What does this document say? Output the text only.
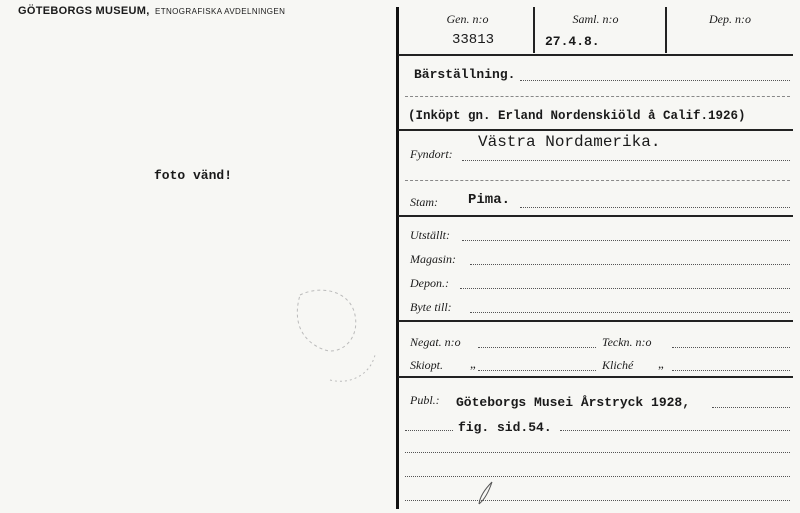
GÖTEBORGS MUSEUM, ETNOGRAFISKA AVDELNINGEN
foto vänd!
Gen. n:o
33813
Saml. n:o
27.4.8.
Dep. n:o
Bärställning.
(Inköpt gn. Erland Nordenskiöld å Calif.1926)
Västra Nordamerika.
Fyndort:
Stam: Pima.
Utställt:
Magasin:
Depon.:
Byte till:
Negat. n:o	Teckn. n:o
Skiopt. „	Kliché „
Publ.: Göteborgs Musei Årstryck 1928,
fig. sid.54.
